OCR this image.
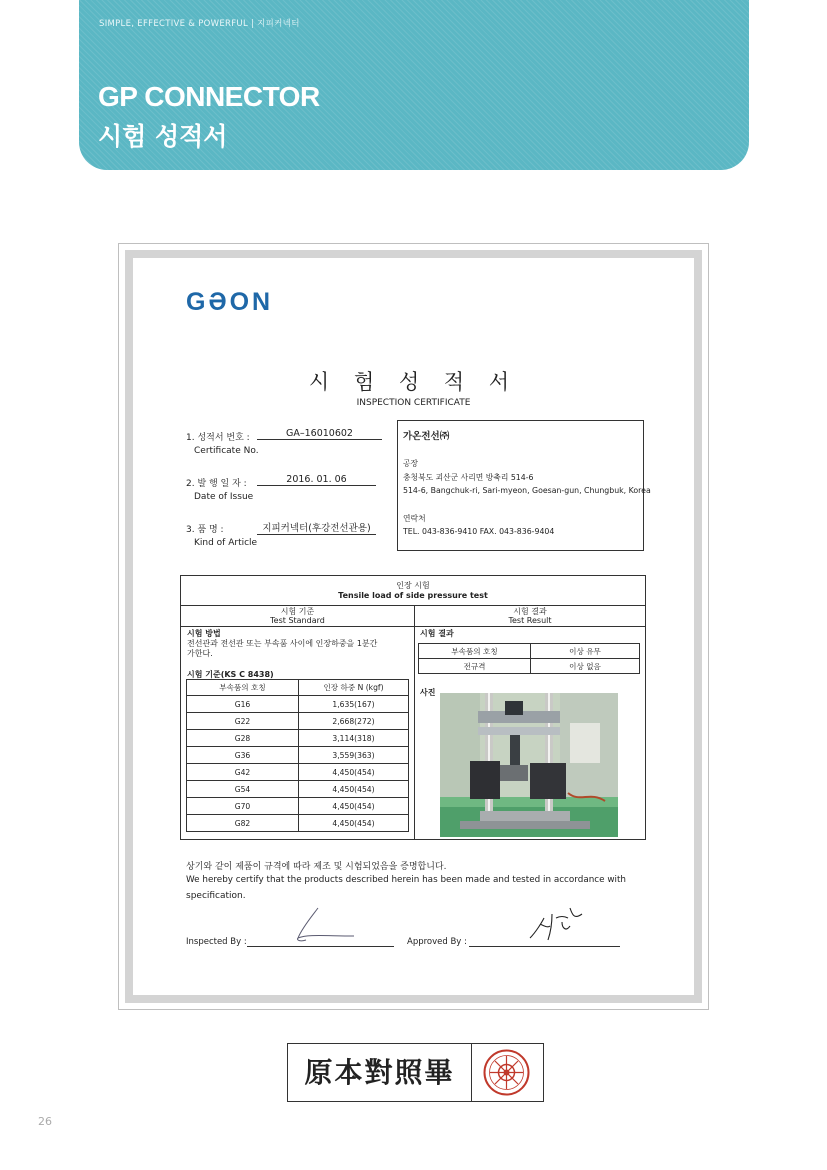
SIMPLE, EFFECTIVE & POWERFUL | 지피커넥터
GP CONNECTOR
시험 성적서
GƏON
시 험 성 적 서
INSPECTION CERTIFICATE
1. 성적서 번호 :
Certificate No.
GA–16010602
2. 발 행 일 자 :
Date of Issue
2016. 01. 06
3. 품 명 :
Kind of Article
지피커넥터(후강전선관용)
가온전선㈜
공장
충청북도 괴산군 사리면 방축리 514-6
514-6, Bangchuk-ri, Sari-myeon, Goesan-gun, Chungbuk, Korea
연락처
TEL. 043-836-9410 FAX. 043-836-9404
인장 시험
Tensile load of side pressure test
시험 기준
Test Standard
시험 결과
Test Result
시험 방법
전선관과 전선관 또는 부속품 사이에 인장하중을 1분간
가한다.
시험 기준(KS C 8438)
시험 결과
사진
부속품의 호칭	인장 하중 N (kgf)
G16	1,635(167)
G22	2,668(272)
G28	3,114(318)
G36	3,559(363)
G42	4,450(454)
G54	4,450(454)
G70	4,450(454)
G82	4,450(454)
부속품의 호칭	이상 유무
전규격	이상 없음
상기와 같이 제품이 규격에 따라 제조 및 시험되었음을 증명합니다.
We hereby certify that the products described herein has been made and tested in accordance with
specification.
Inspected By :	Approved By :
原本對照畢
26
